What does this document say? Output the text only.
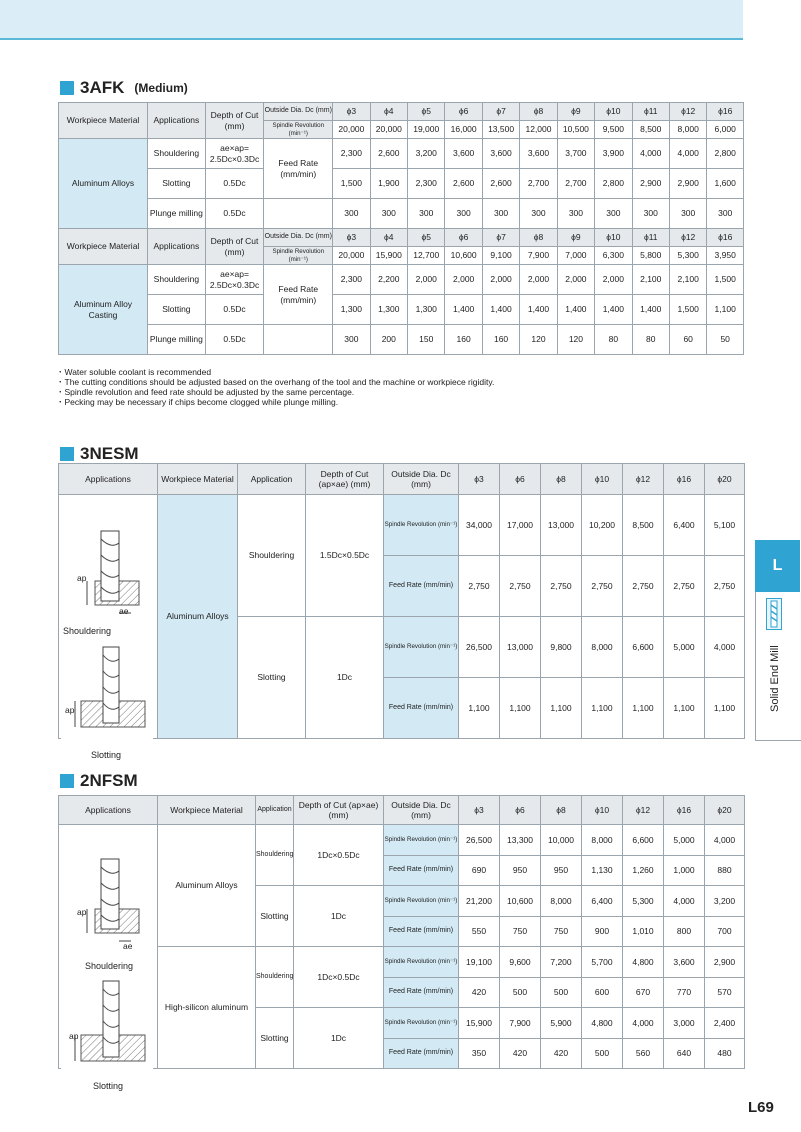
3AFK (Medium)
Workpiece Material	Applications	Depth of Cut (mm)	Outside Dia. Dc (mm)	ϕ3	ϕ4	ϕ5	ϕ6	ϕ7	ϕ8	ϕ9	ϕ10	ϕ11	ϕ12	ϕ16
			Spindle Revolution (min⁻¹)	20,000	20,000	19,000	16,000	13,500	12,000	10,500	9,500	8,500	8,000	6,000
Aluminum Alloys	Shouldering	ae×ap= 2.5Dc×0.3Dc	Feed Rate (mm/min)	2,300	2,600	3,200	3,600	3,600	3,600	3,700	3,900	4,000	4,000	2,800
	Slotting	0.5Dc		1,500	1,900	2,300	2,600	2,600	2,700	2,700	2,800	2,900	2,900	1,600
	Plunge milling	0.5Dc		300	300	300	300	300	300	300	300	300	300	300
Workpiece Material	Applications	Depth of Cut (mm)	Outside Dia. Dc (mm)	ϕ3	ϕ4	ϕ5	ϕ6	ϕ7	ϕ8	ϕ9	ϕ10	ϕ11	ϕ12	ϕ16
			Spindle Revolution (min⁻¹)	20,000	15,900	12,700	10,600	9,100	7,900	7,000	6,300	5,800	5,300	3,950
Aluminum Alloy Casting	Shouldering	ae×ap= 2.5Dc×0.3Dc	Feed Rate (mm/min)	2,300	2,200	2,000	2,000	2,000	2,000	2,000	2,000	2,100	2,100	1,500
	Slotting	0.5Dc		1,300	1,300	1,300	1,400	1,400	1,400	1,400	1,400	1,400	1,500	1,100
	Plunge milling	0.5Dc		300	200	150	160	160	120	120	80	80	60	50
・Water soluble coolant is recommended
・The cutting conditions should be adjusted based on the overhang of the tool and the machine or workpiece rigidity.
・Spindle revolution and feed rate should be adjusted by the same percentage.
・Pecking may be necessary if chips become clogged while plunge milling.
3NESM
Applications	Workpiece Material	Application	Depth of Cut (ap×ae) (mm)	Outside Dia. Dc (mm)	ϕ3	ϕ6	ϕ8	ϕ10	ϕ12	ϕ16	ϕ20

ap
ae
Shouldering
ap
Slotting	Aluminum Alloys	Shouldering	1.5Dc×0.5Dc	Spindle Revolution (min⁻¹)	34,000	17,000	13,000	10,200	8,500	6,400	5,100
				Feed Rate (mm/min)	2,750	2,750	2,750	2,750	2,750	2,750	2,750
		Slotting	1Dc	Spindle Revolution (min⁻¹)	26,500	13,000	9,800	8,000	6,600	5,000	4,000
				Feed Rate (mm/min)	1,100	1,100	1,100	1,100	1,100	1,100	1,100
2NFSM
Applications	Workpiece Material	Application	Depth of Cut (ap×ae) (mm)	Outside Dia. Dc (mm)	ϕ3	ϕ6	ϕ8	ϕ10	ϕ12	ϕ16	ϕ20

ap
ae
Shouldering
ap
Slotting	Aluminum Alloys	Shouldering	1Dc×0.5Dc	Spindle Revolution (min⁻¹)	26,500	13,300	10,000	8,000	6,600	5,000	4,000
				Feed Rate (mm/min)	690	950	950	1,130	1,260	1,000	880
		Slotting	1Dc	Spindle Revolution (min⁻¹)	21,200	10,600	8,000	6,400	5,300	4,000	3,200
				Feed Rate (mm/min)	550	750	750	900	1,010	800	700
	High-silicon aluminum	Shouldering	1Dc×0.5Dc	Spindle Revolution (min⁻¹)	19,100	9,600	7,200	5,700	4,800	3,600	2,900
				Feed Rate (mm/min)	420	500	500	600	670	770	570
		Slotting	1Dc	Spindle Revolution (min⁻¹)	15,900	7,900	5,900	4,800	4,000	3,000	2,400
				Feed Rate (mm/min)	350	420	420	500	560	640	480
L
Solid End Mill
L69
